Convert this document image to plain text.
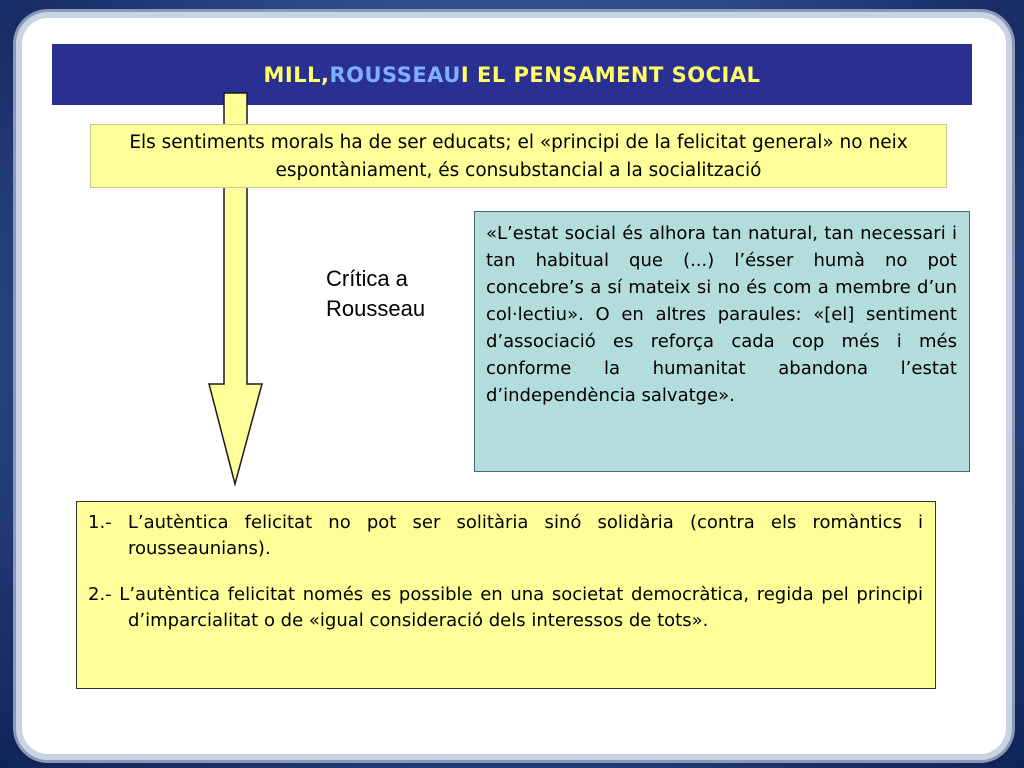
MILL, ROUSSEAU I EL PENSAMENT SOCIAL
Els sentiments morals ha de ser educats; el «principi de la felicitat general» no neix espontàniament, és consubstancial a la socialització
Crítica a
Rousseau
«L’estat social és alhora tan natural, tan necessari i tan habitual que (...) l’ésser humà no pot concebre’s a sí mateix si no és com a membre d’un col·lectiu». O en altres paraules: «[el] sentiment d’associació es reforça cada cop més i més conforme la humanitat abandona l’estat d’independència salvatge».

1.- L’autèntica felicitat no pot ser solitària sinó solidària (contra els romàntics i rousseaunians).

2.- L’autèntica felicitat només es possible en una societat democràtica, regida pel principi d’imparcialitat o de «igual consideració dels interessos de tots».
